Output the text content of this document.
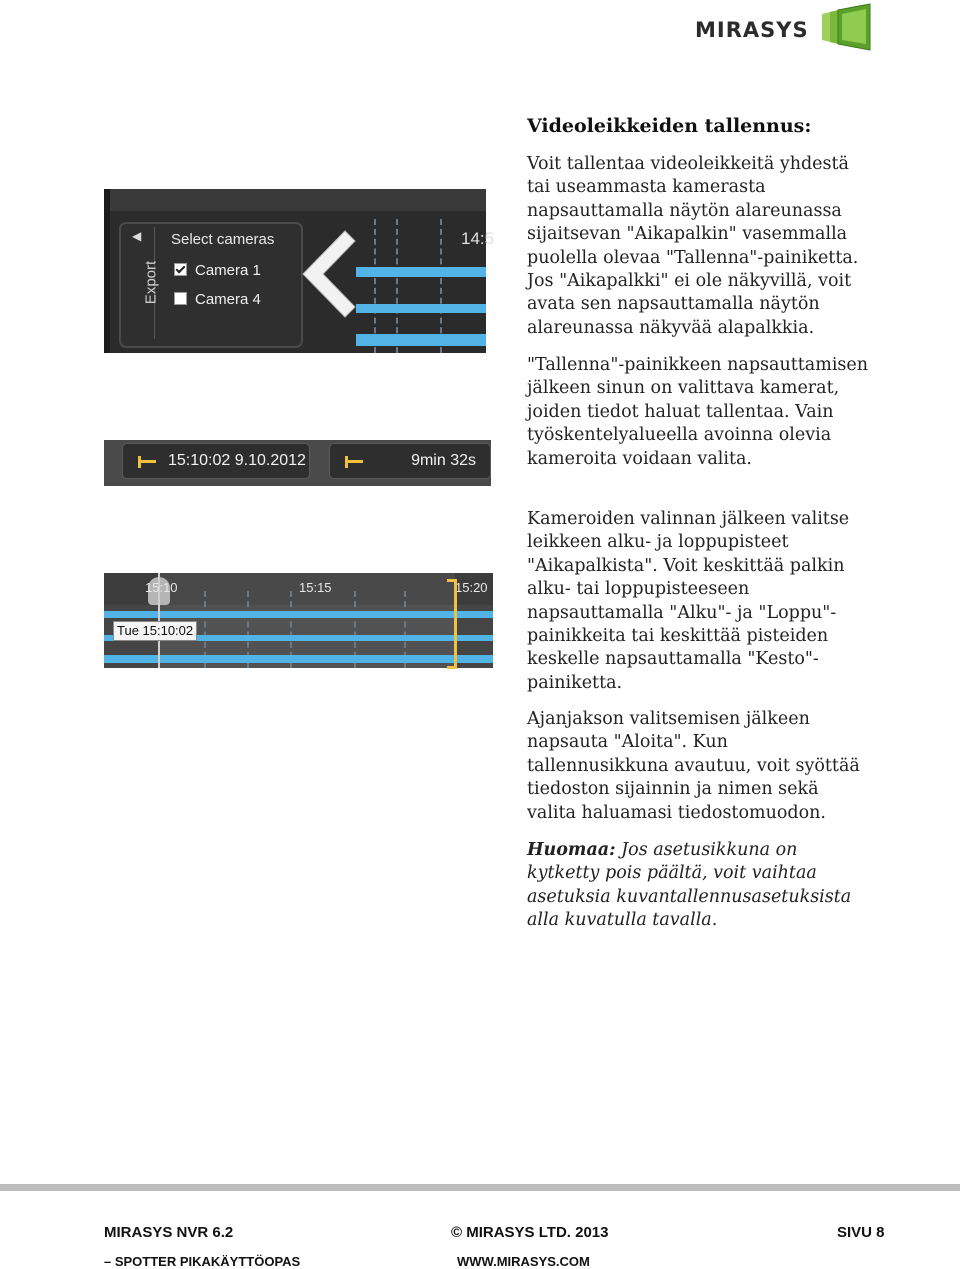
MIRASYS
Videoleikkeiden tallennus:

Voit tallentaa videoleikkeitä yhdestä tai useammasta kamerasta napsauttamalla näytön alareunassa sijaitsevan "Aikapalkin" vasemmalla puolella olevaa "Tallenna"-painiketta. Jos "Aikapalkki" ei ole näkyvillä, voit avata sen napsauttamalla näytön alareunassa näkyvää alapalkkia.

"Tallenna"-painikkeen napsauttamisen jälkeen sinun on valittava kamerat, joiden tiedot haluat tallentaa. Vain työskentelyalueella avoinna olevia kameroita voidaan valita.

Kameroiden valinnan jälkeen valitse leikkeen alku- ja loppupisteet "Aikapalkista". Voit keskittää palkin alku- tai loppupisteeseen napsauttamalla "Alku"- ja "Loppu"-painikkeita tai keskittää pisteiden keskelle napsauttamalla "Kesto"-painiketta.

Ajanjakson valitsemisen jälkeen napsauta "Aloita". Kun tallennusikkuna avautuu, voit syöttää tiedoston sijainnin ja nimen sekä valita haluamasi tiedostomuodon.

Huomaa: Jos asetusikkuna on kytketty pois päältä, voit vaihtaa asetuksia kuvantallennusasetuksista alla kuvatulla tavalla.

◀
Export
Select cameras
Camera 1
Camera 4
14:5
15:10:02 9.10.2012	9min 32s
15:10	15:15	15:20
Tue 15:10:02
MIRASYS NVR 6.2	© MIRASYS LTD. 2013	SIVU 8
– SPOTTER PIKAKÄYTTÖOPAS	WWW.MIRASYS.COM
